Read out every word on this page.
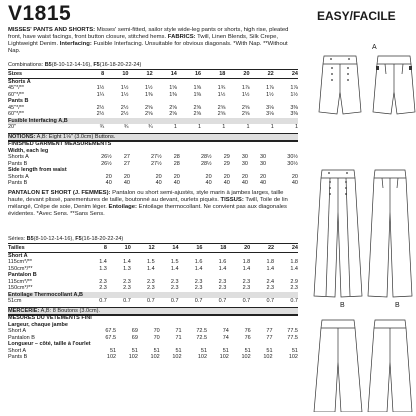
V1815	EASY/FACILE
MISSES' PANTS AND SHORTS: Misses' semi-fitted, sailor style wide-leg pants or shorts, high rise, pleated front, have waist facings, front button closure, stitched hems. FABRICS: Twill, Linen Blends, Silk Crepe, Lightweight Denim. Interfacing: Fusible Interfacing. Unsuitable for obvious diagonals. *With Nap. **Without Nap.
Combinations: B5(8-10-12-14-16), F5(16-18-20-22-24)
Sizes	8	10	12	14	16	18	20	22	24
Shorts A									
45"*/**	1½	1½	1½	1⅝	1⅝	1¾	1⅞	1⅞	1⅞
60"*/**	1¼	1½	1⅜	1⅜	1⅜	1½	1½	1½	1½
Pants B									
45"*/**	2½	2½	2⅝	2⅝	2⅝	2⅝	2⅝	3⅛	3⅜
60"*/**	2½	2½	2⅝	2⅝	2⅝	2⅝	2⅝	3⅛	3⅜
Fusible Interfacing A,B									
20"	¾	¾	¾	1	1	1	1	1	1
NOTIONS: A,B: Eight 1⅛" (3.0cm) Buttons.
FINISHED GARMENT MEASUREMENTS									
Width, each leg									
Shorts A	26½	27	27½	28	28½	29	30	30	30½
Pants B	26½	27	27½	28	28½	29	30	30	30½
Side length from waist									
Shorts A	20	20	20	20	20	20	20	20	20
Pants B	40	40	40	40	40	40	40	40	40
PANTALON ET SHORT (J. FEMMES): Pantalon ou short semi-ajustés, style marin à jambes larges, taille haute, devant plissé, parementures de taille, boutonné au devant, ourlets piqués. TISSUS: Twill, Toile de lin mélangé, Crêpe de soie, Denim léger. Entoilage: Entoilage thermocollant. Ne convient pas aux diagonales évidentes. *Avec Sens. **Sans Sens.
Séries: B5(8-10-12-14-16), F5(16-18-20-22-24)
Tailles	8	10	12	14	16	18	20	22	24
Short A									
115cm*/**	1.4	1.4	1.5	1.5	1.6	1.6	1.8	1.8	1.8
150cm*/**	1.3	1.3	1.4	1.4	1.4	1.4	1.4	1.4	1.4
Pantalon B									
115cm*/**	2.3	2.3	2.3	2.3	2.3	2.3	2.3	2.4	2.9
150cm*/**	2.3	2.3	2.3	2.3	2.3	2.3	2.3	2.3	2.3
Entoilage Thermocollant A,B									
51cm	0.7	0.7	0.7	0.7	0.7	0.7	0.7	0.7	0.7
MERCERIE: A,B: 8 Boutons (3.0cm).
MESURES DU VÊTEMENTS FINI									
Largeur, chaque jambe									
Short A	67.5	69	70	71	72.5	74	76	77	77.5
Pantalon B	67.5	69	70	71	72.5	74	76	77	77.5
Longueur – côté, taille à l'ourlet									
Short A	51	51	51	51	51	51	51	51	51
Pants B	102	102	102	102	102	102	102	102	102
A
B	B
